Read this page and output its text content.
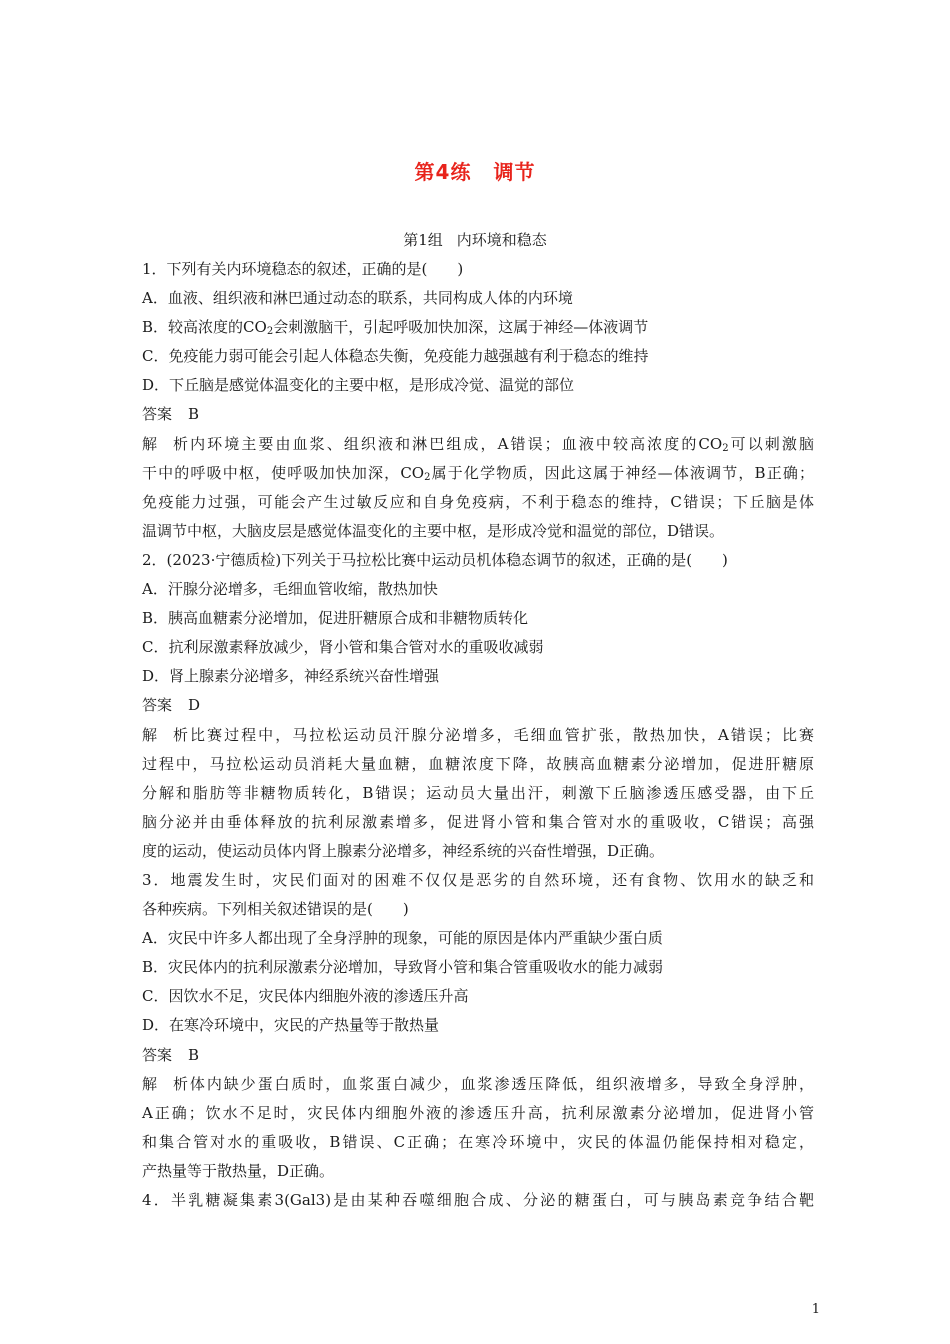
第4练 调节
第1组 内环境和稳态
1．下列有关内环境稳态的叙述，正确的是(　　)
A．血液、组织液和淋巴通过动态的联系，共同构成人体的内环境
B．较高浓度的$CO_2$会刺激脑干，引起呼吸加快加深，这属于神经—体液调节
C．免疫能力弱可能会引起人体稳态失衡，免疫能力越强越有利于稳态的维持
D．下丘脑是感觉体温变化的主要中枢，是形成冷觉、温觉的部位
答案 B
解析内环境主要由血浆、组织液和淋巴组成，A错误；血液中较高浓度的$CO_2$可以刺激脑
干中的呼吸中枢，使呼吸加快加深，$CO_2$属于化学物质，因此这属于神经—体液调节，B正确；
免疫能力过强，可能会产生过敏反应和自身免疫病，不利于稳态的维持，C错误；下丘脑是体
温调节中枢，大脑皮层是感觉体温变化的主要中枢，是形成冷觉和温觉的部位，D错误。
2．(2023·宁德质检)下列关于马拉松比赛中运动员机体稳态调节的叙述，正确的是(　　)
A．汗腺分泌增多，毛细血管收缩，散热加快
B．胰高血糖素分泌增加，促进肝糖原合成和非糖物质转化
C．抗利尿激素释放减少，肾小管和集合管对水的重吸收减弱
D．肾上腺素分泌增多，神经系统兴奋性增强
答案 D
解析比赛过程中，马拉松运动员汗腺分泌增多，毛细血管扩张，散热加快，A错误；比赛
过程中，马拉松运动员消耗大量血糖，血糖浓度下降，故胰高血糖素分泌增加，促进肝糖原
分解和脂肪等非糖物质转化，B错误；运动员大量出汗，刺激下丘脑渗透压感受器，由下丘
脑分泌并由垂体释放的抗利尿激素增多，促进肾小管和集合管对水的重吸收，C错误；高强
度的运动，使运动员体内肾上腺素分泌增多，神经系统的兴奋性增强，D正确。
3．地震发生时，灾民们面对的困难不仅仅是恶劣的自然环境，还有食物、饮用水的缺乏和
各种疾病。下列相关叙述错误的是(　　)
A．灾民中许多人都出现了全身浮肿的现象，可能的原因是体内严重缺少蛋白质
B．灾民体内的抗利尿激素分泌增加，导致肾小管和集合管重吸收水的能力减弱
C．因饮水不足，灾民体内细胞外液的渗透压升高
D．在寒冷环境中，灾民的产热量等于散热量
答案 B
解析体内缺少蛋白质时，血浆蛋白减少，血浆渗透压降低，组织液增多，导致全身浮肿，
A正确；饮水不足时，灾民体内细胞外液的渗透压升高，抗利尿激素分泌增加，促进肾小管
和集合管对水的重吸收，B错误、C正确；在寒冷环境中，灾民的体温仍能保持相对稳定，
产热量等于散热量，D正确。
4．半乳糖凝集素3(Gal3)是由某种吞噬细胞合成、分泌的糖蛋白，可与胰岛素竞争结合靶
1
